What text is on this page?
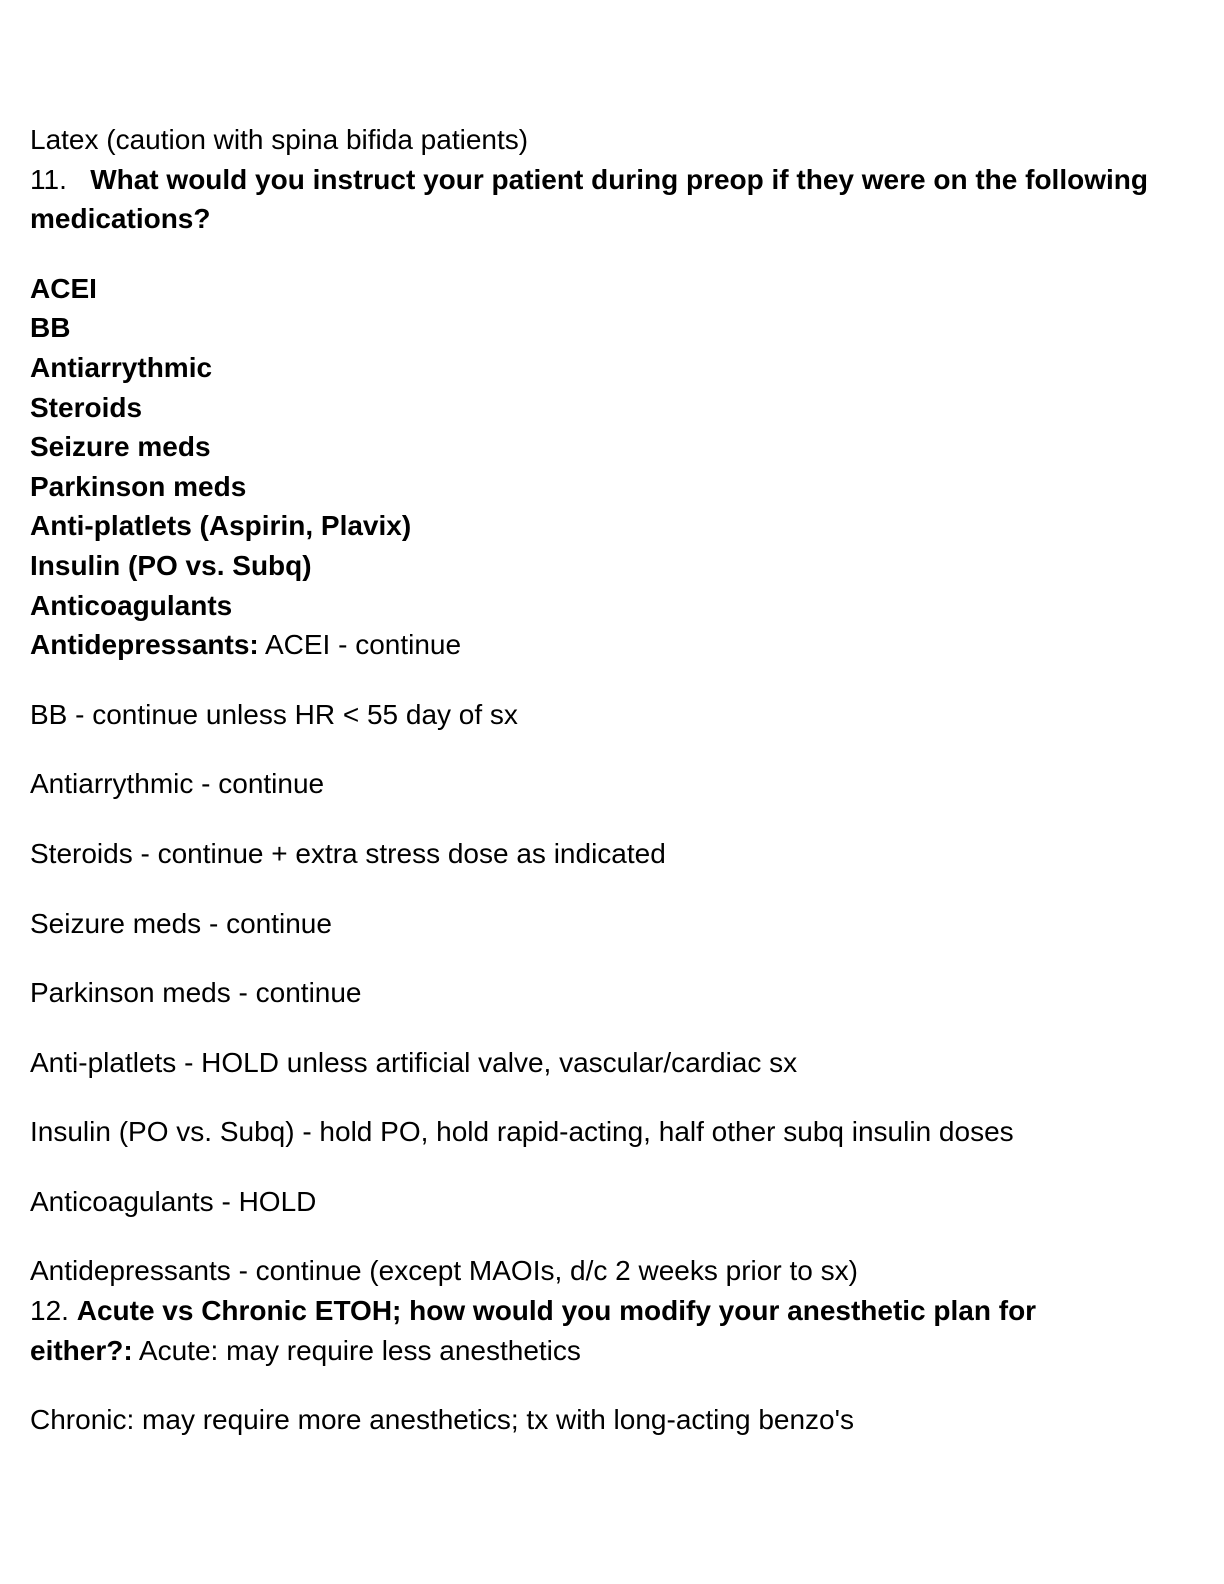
Latex (caution with spina bifida patients)
11. What would you instruct your patient during preop if they were on the following medications?
ACEI
BB
Antiarrythmic
Steroids
Seizure meds
Parkinson meds
Anti-platlets (Aspirin, Plavix)
Insulin (PO vs. Subq)
Anticoagulants
Antidepressants: ACEI - continue
BB - continue unless HR < 55 day of sx
Antiarrythmic - continue
Steroids - continue + extra stress dose as indicated
Seizure meds - continue
Parkinson meds - continue
Anti-platlets - HOLD unless artificial valve, vascular/cardiac sx
Insulin (PO vs. Subq) - hold PO, hold rapid-acting, half other subq insulin doses
Anticoagulants - HOLD
Antidepressants - continue (except MAOIs, d/c 2 weeks prior to sx)
12. Acute vs Chronic ETOH; how would you modify your anesthetic plan for
either?: Acute: may require less anesthetics
Chronic: may require more anesthetics; tx with long-acting benzo's
